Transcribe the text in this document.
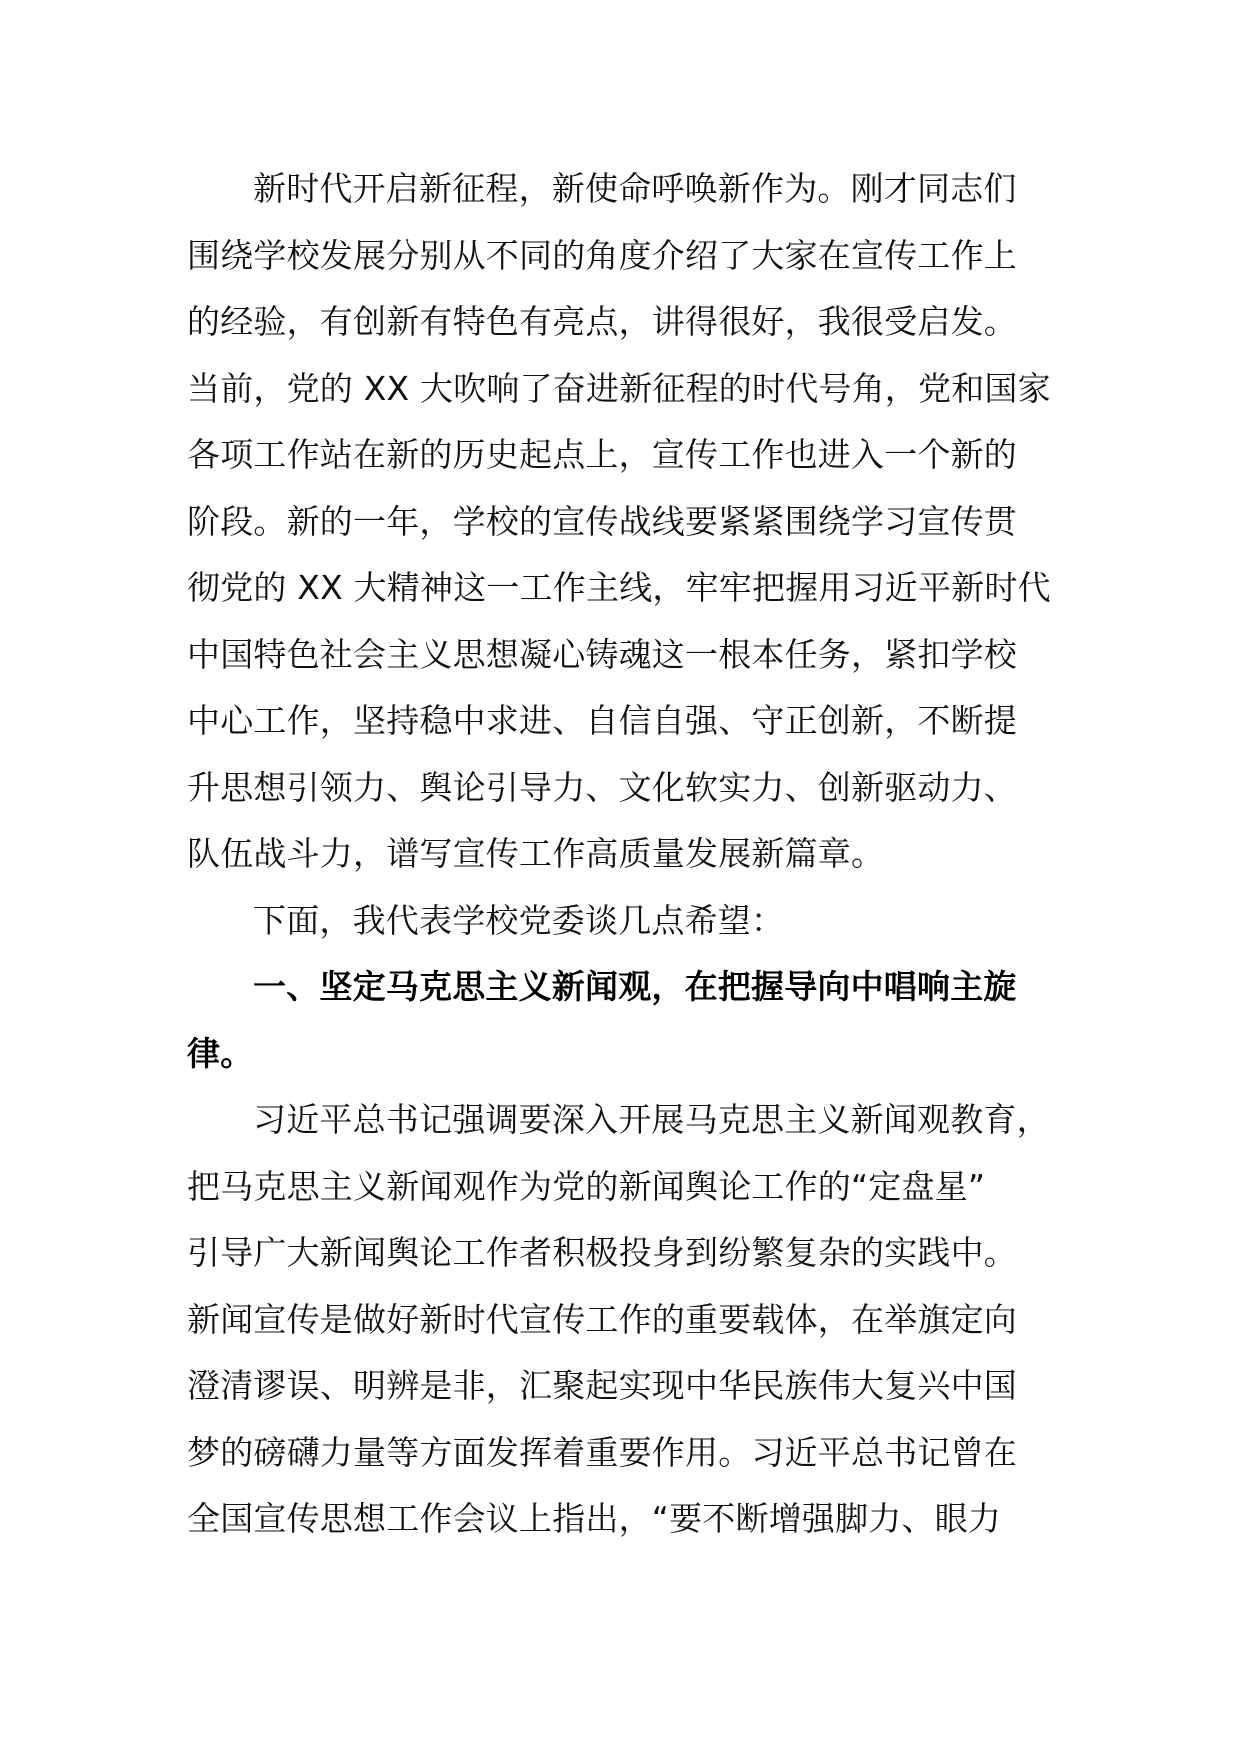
新时代开启新征程，新使命呼唤新作为。刚才同志们
围绕学校发展分别从不同的角度介绍了大家在宣传工作上
的经验，有创新有特色有亮点，讲得很好，我很受启发。
当前，党的 XX 大吹响了奋进新征程的时代号角，党和国家
各项工作站在新的历史起点上，宣传工作也进入一个新的
阶段。新的一年，学校的宣传战线要紧紧围绕学习宣传贯
彻党的 XX 大精神这一工作主线，牢牢把握用习近平新时代
中国特色社会主义思想凝心铸魂这一根本任务，紧扣学校
中心工作，坚持稳中求进、自信自强、守正创新，不断提
升思想引领力、舆论引导力、文化软实力、创新驱动力、
队伍战斗力，谱写宣传工作高质量发展新篇章。
下面，我代表学校党委谈几点希望：
一、坚定马克思主义新闻观，在把握导向中唱响主旋
律。
习近平总书记强调要深入开展马克思主义新闻观教育，
把马克思主义新闻观作为党的新闻舆论工作的“定盘星”
引导广大新闻舆论工作者积极投身到纷繁复杂的实践中。
新闻宣传是做好新时代宣传工作的重要载体，在举旗定向
澄清谬误、明辨是非，汇聚起实现中华民族伟大复兴中国
梦的磅礴力量等方面发挥着重要作用。习近平总书记曾在
全国宣传思想工作会议上指出，“要不断增强脚力、眼力
